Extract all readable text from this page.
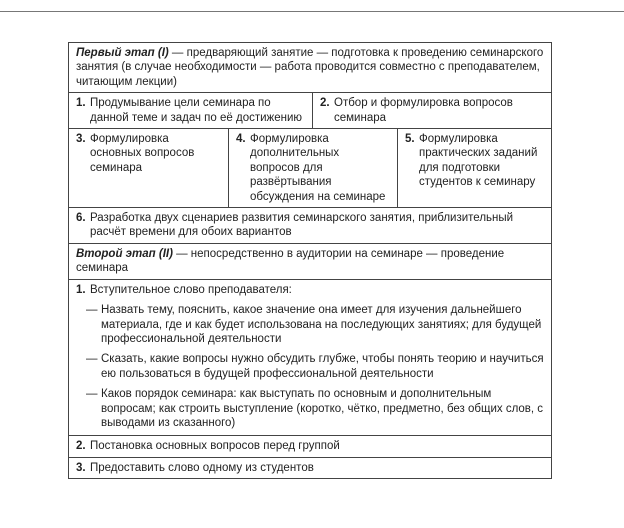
Первый этап (I) — предваряющий занятие — подготовка к проведению семинарского занятия (в случае необходимости — работа проводится совместно с преподавателем, читающим лекции)
1. Продумывание цели семинара по данной теме и задач по её достижению
2. Отбор и формулировка вопросов семинара
3. Формулировка основных вопросов семинара
4. Формулировка дополнительных вопросов для развёртывания обсуждения на семинаре
5. Формулировка практических заданий для подготовки студентов к семинару
6. Разработка двух сценариев развития семинарского занятия, приблизительный расчёт времени для обоих вариантов
Второй этап (II) — непосредственно в аудитории на семинаре — проведение семинара
1. Вступительное слово преподавателя:
— Назвать тему, пояснить, какое значение она имеет для изучения дальнейшего материала, где и как будет использована на последующих занятиях; для будущей профессиональной деятельности
— Сказать, какие вопросы нужно обсудить глубже, чтобы понять теорию и научиться ею пользоваться в будущей профессиональной деятельности
— Каков порядок семинара: как выступать по основным и дополнительным вопросам; как строить выступление (коротко, чётко, предметно, без общих слов, с выводами из сказанного)
2. Постановка основных вопросов перед группой
3. Предоставить слово одному из студентов
